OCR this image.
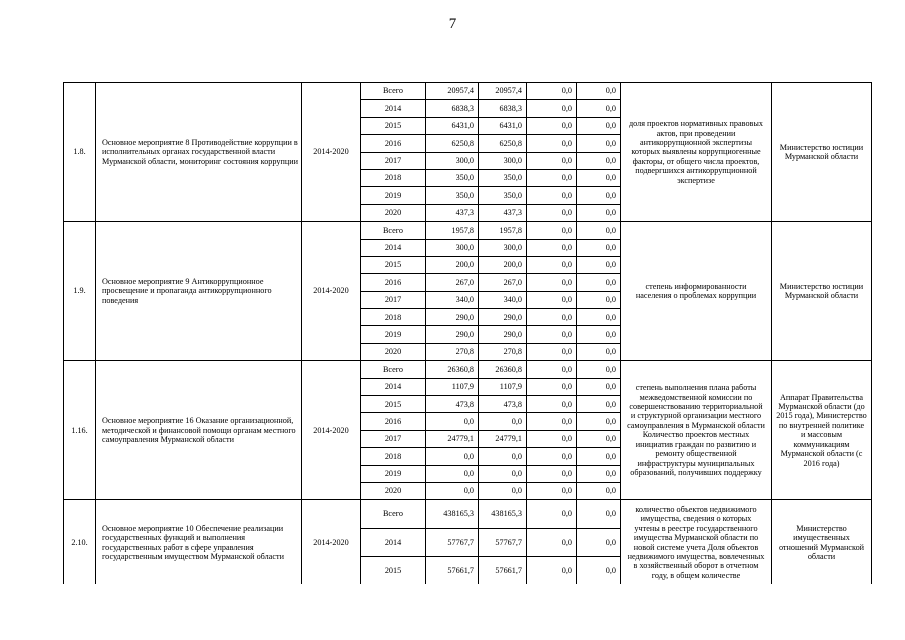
7
1.8.	Основное мероприятие 8 Противодействие коррупции в исполнительных органах государственной власти Мурманской области, мониторинг состояния коррупции	2014-2020	Всего	20957,4	20957,4	0,0	0,0	доля проектов нормативных правовых актов, при проведении антикоррупционной экспертизы которых выявлены коррупциогенные факторы, от общего числа проектов, подвергшихся антикоррупционной экспертизе	Министерство юстиции Мурманской области
			2014	6838,3	6838,3	0,0	0,0		
			2015	6431,0	6431,0	0,0	0,0		
			2016	6250,8	6250,8	0,0	0,0		
			2017	300,0	300,0	0,0	0,0		
			2018	350,0	350,0	0,0	0,0		
			2019	350,0	350,0	0,0	0,0		
			2020	437,3	437,3	0,0	0,0		
1.9.	Основное мероприятие 9 Антикоррупционное просвещение и пропаганда антикоррупционного поведения	2014-2020	Всего	1957,8	1957,8	0,0	0,0	степень информированности населения о проблемах коррупции	Министерство юстиции Мурманской области
			2014	300,0	300,0	0,0	0,0		
			2015	200,0	200,0	0,0	0,0		
			2016	267,0	267,0	0,0	0,0		
			2017	340,0	340,0	0,0	0,0		
			2018	290,0	290,0	0,0	0,0		
			2019	290,0	290,0	0,0	0,0		
			2020	270,8	270,8	0,0	0,0		
1.16.	Основное мероприятие 16 Оказание организационной, методической и финансовой помощи органам местного самоуправления Мурманской области	2014-2020	Всего	26360,8	26360,8	0,0	0,0	степень выполнения плана работы межведомственной комиссии по совершенствованию территориальной и структурной организации местного самоуправления в Мурманской области Количество проектов местных инициатив граждан по развитию и ремонту общественной инфраструктуры муниципальных образований, получивших поддержку	Аппарат Правительства Мурманской области (до 2015 года), Министерство по внутренней политике и массовым коммуникациям Мурманской области (с 2016 года)
			2014	1107,9	1107,9	0,0	0,0		
			2015	473,8	473,8	0,0	0,0		
			2016	0,0	0,0	0,0	0,0		
			2017	24779,1	24779,1	0,0	0,0		
			2018	0,0	0,0	0,0	0,0		
			2019	0,0	0,0	0,0	0,0		
			2020	0,0	0,0	0,0	0,0		
2.10.	Основное мероприятие 10 Обеспечение реализации государственных функций и выполнения государственных работ в сфере управления государственным имуществом Мурманской области	2014-2020	Всего	438165,3	438165,3	0,0	0,0	количество объектов недвижимого имущества, сведения о которых учтены в реестре государственного имущества Мурманской области по новой системе учета Доля объектов недвижимого имущества, вовлеченных в хозяйственный оборот в отчетном году, в общем количестве	Министерство имущественных отношений Мурманской области
			2014	57767,7	57767,7	0,0	0,0		
			2015	57661,7	57661,7	0,0	0,0		
